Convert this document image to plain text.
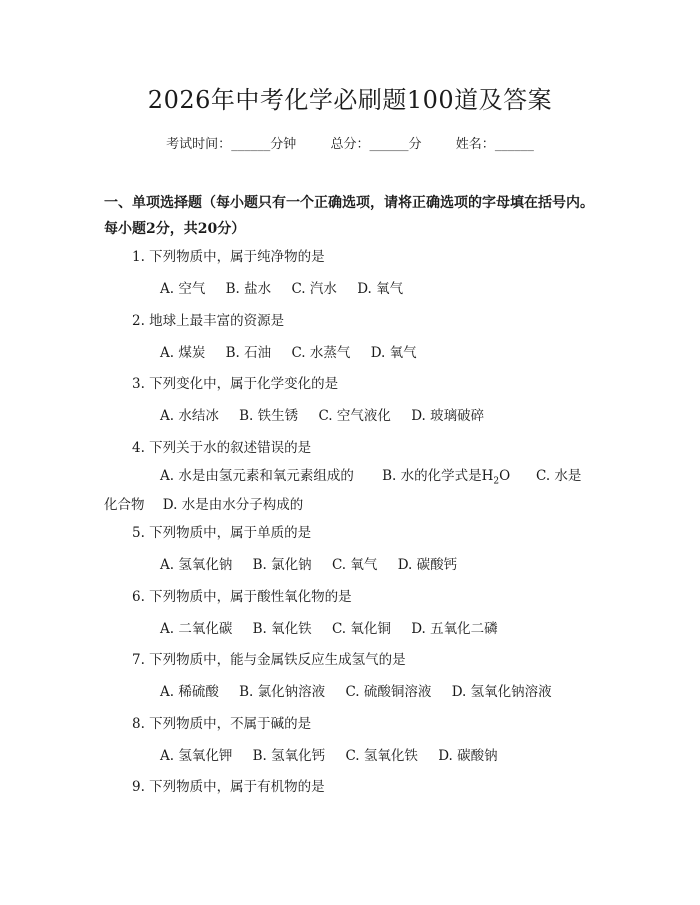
2026年中考化学必刷题100道及答案
考试时间：______分钟	总分：______分	姓名：______
一、单项选择题（每小题只有一个正确选项，请将正确选项的字母填在括号内。每小题2分，共20分）
1. 下列物质中，属于纯净物的是
A. 空气 B. 盐水 C. 汽水 D. 氧气
2. 地球上最丰富的资源是
A. 煤炭 B. 石油 C. 水蒸气 D. 氧气
3. 下列变化中，属于化学变化的是
A. 水结冰 B. 铁生锈 C. 空气液化 D. 玻璃破碎
4. 下列关于水的叙述错误的是
A. 水是由氢元素和氧元素组成的 B. 水的化学式是$H_2O$ C. 水是化合物 D. 水是由水分子构成的
5. 下列物质中，属于单质的是
A. 氢氧化钠 B. 氯化钠 C. 氧气 D. 碳酸钙
6. 下列物质中，属于酸性氧化物的是
A. 二氧化碳 B. 氧化铁 C. 氧化铜 D. 五氧化二磷
7. 下列物质中，能与金属铁反应生成氢气的是
A. 稀硫酸 B. 氯化钠溶液 C. 硫酸铜溶液 D. 氢氧化钠溶液
8. 下列物质中，不属于碱的是
A. 氢氧化钾 B. 氢氧化钙 C. 氢氧化铁 D. 碳酸钠
9. 下列物质中，属于有机物的是
